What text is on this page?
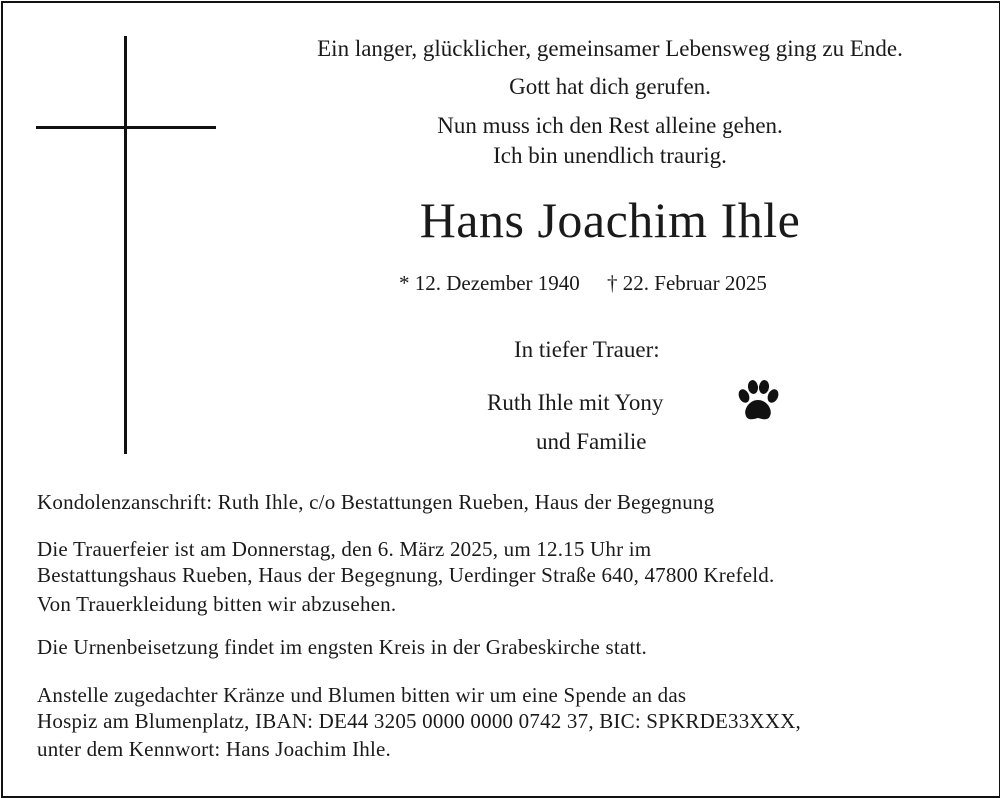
Ein langer, glücklicher, gemeinsamer Lebensweg ging zu Ende.
Gott hat dich gerufen.
Nun muss ich den Rest alleine gehen.
Ich bin unendlich traurig.
Hans Joachim Ihle
* 12. Dezember 1940 † 22. Februar 2025
In tiefer Trauer:
Ruth Ihle mit Yony
und Familie
Kondolenzanschrift: Ruth Ihle, c/o Bestattungen Rueben, Haus der Begegnung
Die Trauerfeier ist am Donnerstag, den 6. März 2025, um 12.15 Uhr im
Bestattungshaus Rueben, Haus der Begegnung, Uerdinger Straße 640, 47800 Krefeld.
Von Trauerkleidung bitten wir abzusehen.
Die Urnenbeisetzung findet im engsten Kreis in der Grabeskirche statt.
Anstelle zugedachter Kränze und Blumen bitten wir um eine Spende an das
Hospiz am Blumenplatz, IBAN: DE44 3205 0000 0000 0742 37, BIC: SPKRDE33XXX,
unter dem Kennwort: Hans Joachim Ihle.
